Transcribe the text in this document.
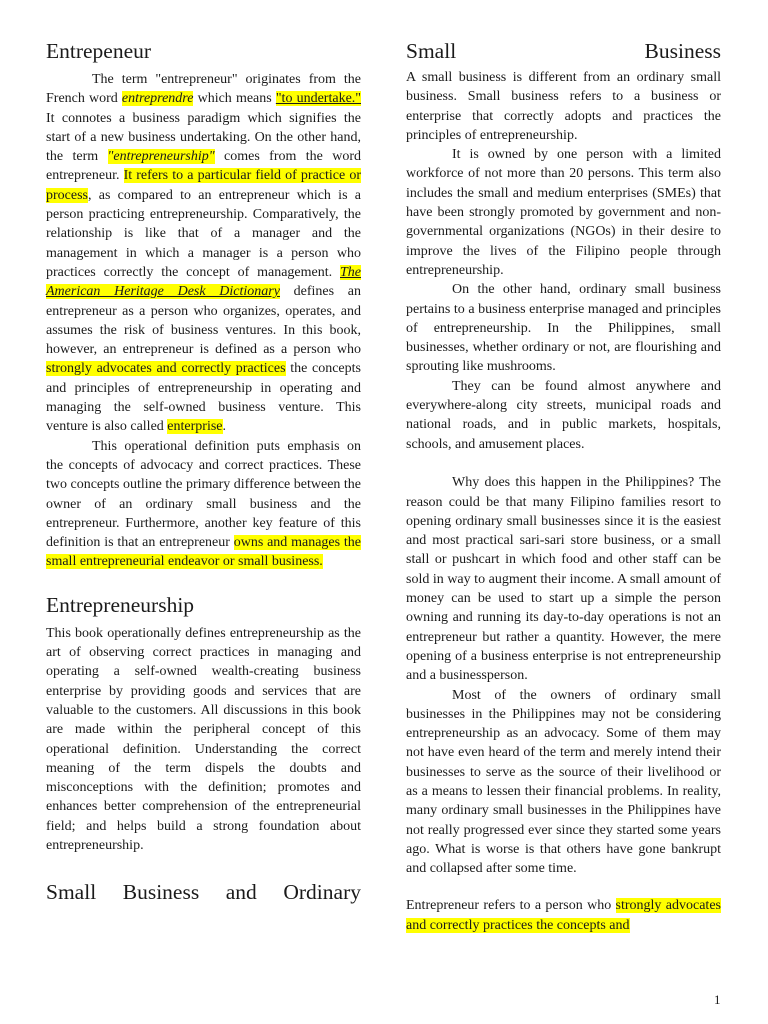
Entrepeneur

The term "entrepreneur" originates from the French word entreprendre which means "to undertake." It connotes a business paradigm which signifies the start of a new business undertaking. On the other hand, the term "entrepreneurship" comes from the word entrepreneur. It refers to a particular field of practice or process, as compared to an entrepreneur which is a person practicing entrepreneurship. Comparatively, the relationship is like that of a manager and the management in which a manager is a person who practices correctly the concept of management. The American Heritage Desk Dictionary defines an entrepreneur as a person who organizes, operates, and assumes the risk of business ventures. In this book, however, an entrepreneur is defined as a person who strongly advocates and correctly practices the concepts and principles of entrepreneurship in operating and managing the self-owned business venture. This venture is also called enterprise.

This operational definition puts emphasis on the concepts of advocacy and correct practices. These two concepts outline the primary difference between the owner of an ordinary small business and the entrepreneur. Furthermore, another key feature of this definition is that an entrepreneur owns and manages the small entrepreneurial endeavor or small business.

Entrepreneurship

This book operationally defines entrepreneurship as the art of observing correct practices in managing and operating a self-owned wealth-creating business enterprise by providing goods and services that are valuable to the customers. All discussions in this book are made within the peripheral concept of this operational definition. Understanding the correct meaning of the term dispels the doubts and misconceptions with the definition; promotes and enhances better comprehension of the entrepreneurial field; and helps build a strong foundation about entrepreneurship.

Small Business and Ordinary
Small Business

A small business is different from an ordinary small business. Small business refers to a business or enterprise that correctly adopts and practices the principles of entrepreneurship.

It is owned by one person with a limited workforce of not more than 20 persons. This term also includes the small and medium enterprises (SMEs) that have been strongly promoted by government and non-governmental organizations (NGOs) in their desire to improve the lives of the Filipino people through entrepreneurship.

On the other hand, ordinary small business pertains to a business enterprise managed and principles of entrepreneurship. In the Philippines, small businesses, whether ordinary or not, are flourishing and sprouting like mushrooms.

They can be found almost anywhere and everywhere-along city streets, municipal roads and national roads, and in public markets, hospitals, schools, and amusement places.

Why does this happen in the Philippines? The reason could be that many Filipino families resort to opening ordinary small businesses since it is the easiest and most practical sari-sari store business, or a small stall or pushcart in which food and other staff can be sold in way to augment their income. A small amount of money can be used to start up a simple the person owning and running its day-to-day operations is not an entrepreneur but rather a quantity. However, the mere opening of a business enterprise is not entrepreneurship and a businessperson.

Most of the owners of ordinary small businesses in the Philippines may not be considering entrepreneurship as an advocacy. Some of them may not have even heard of the term and merely intend their businesses to serve as the source of their livelihood or as a means to lessen their financial problems. In reality, many ordinary small businesses in the Philippines have not really progressed ever since they started some years ago. What is worse is that others have gone bankrupt and collapsed after some time.

Entrepreneur refers to a person who strongly advocates and correctly practices the concepts and

1
